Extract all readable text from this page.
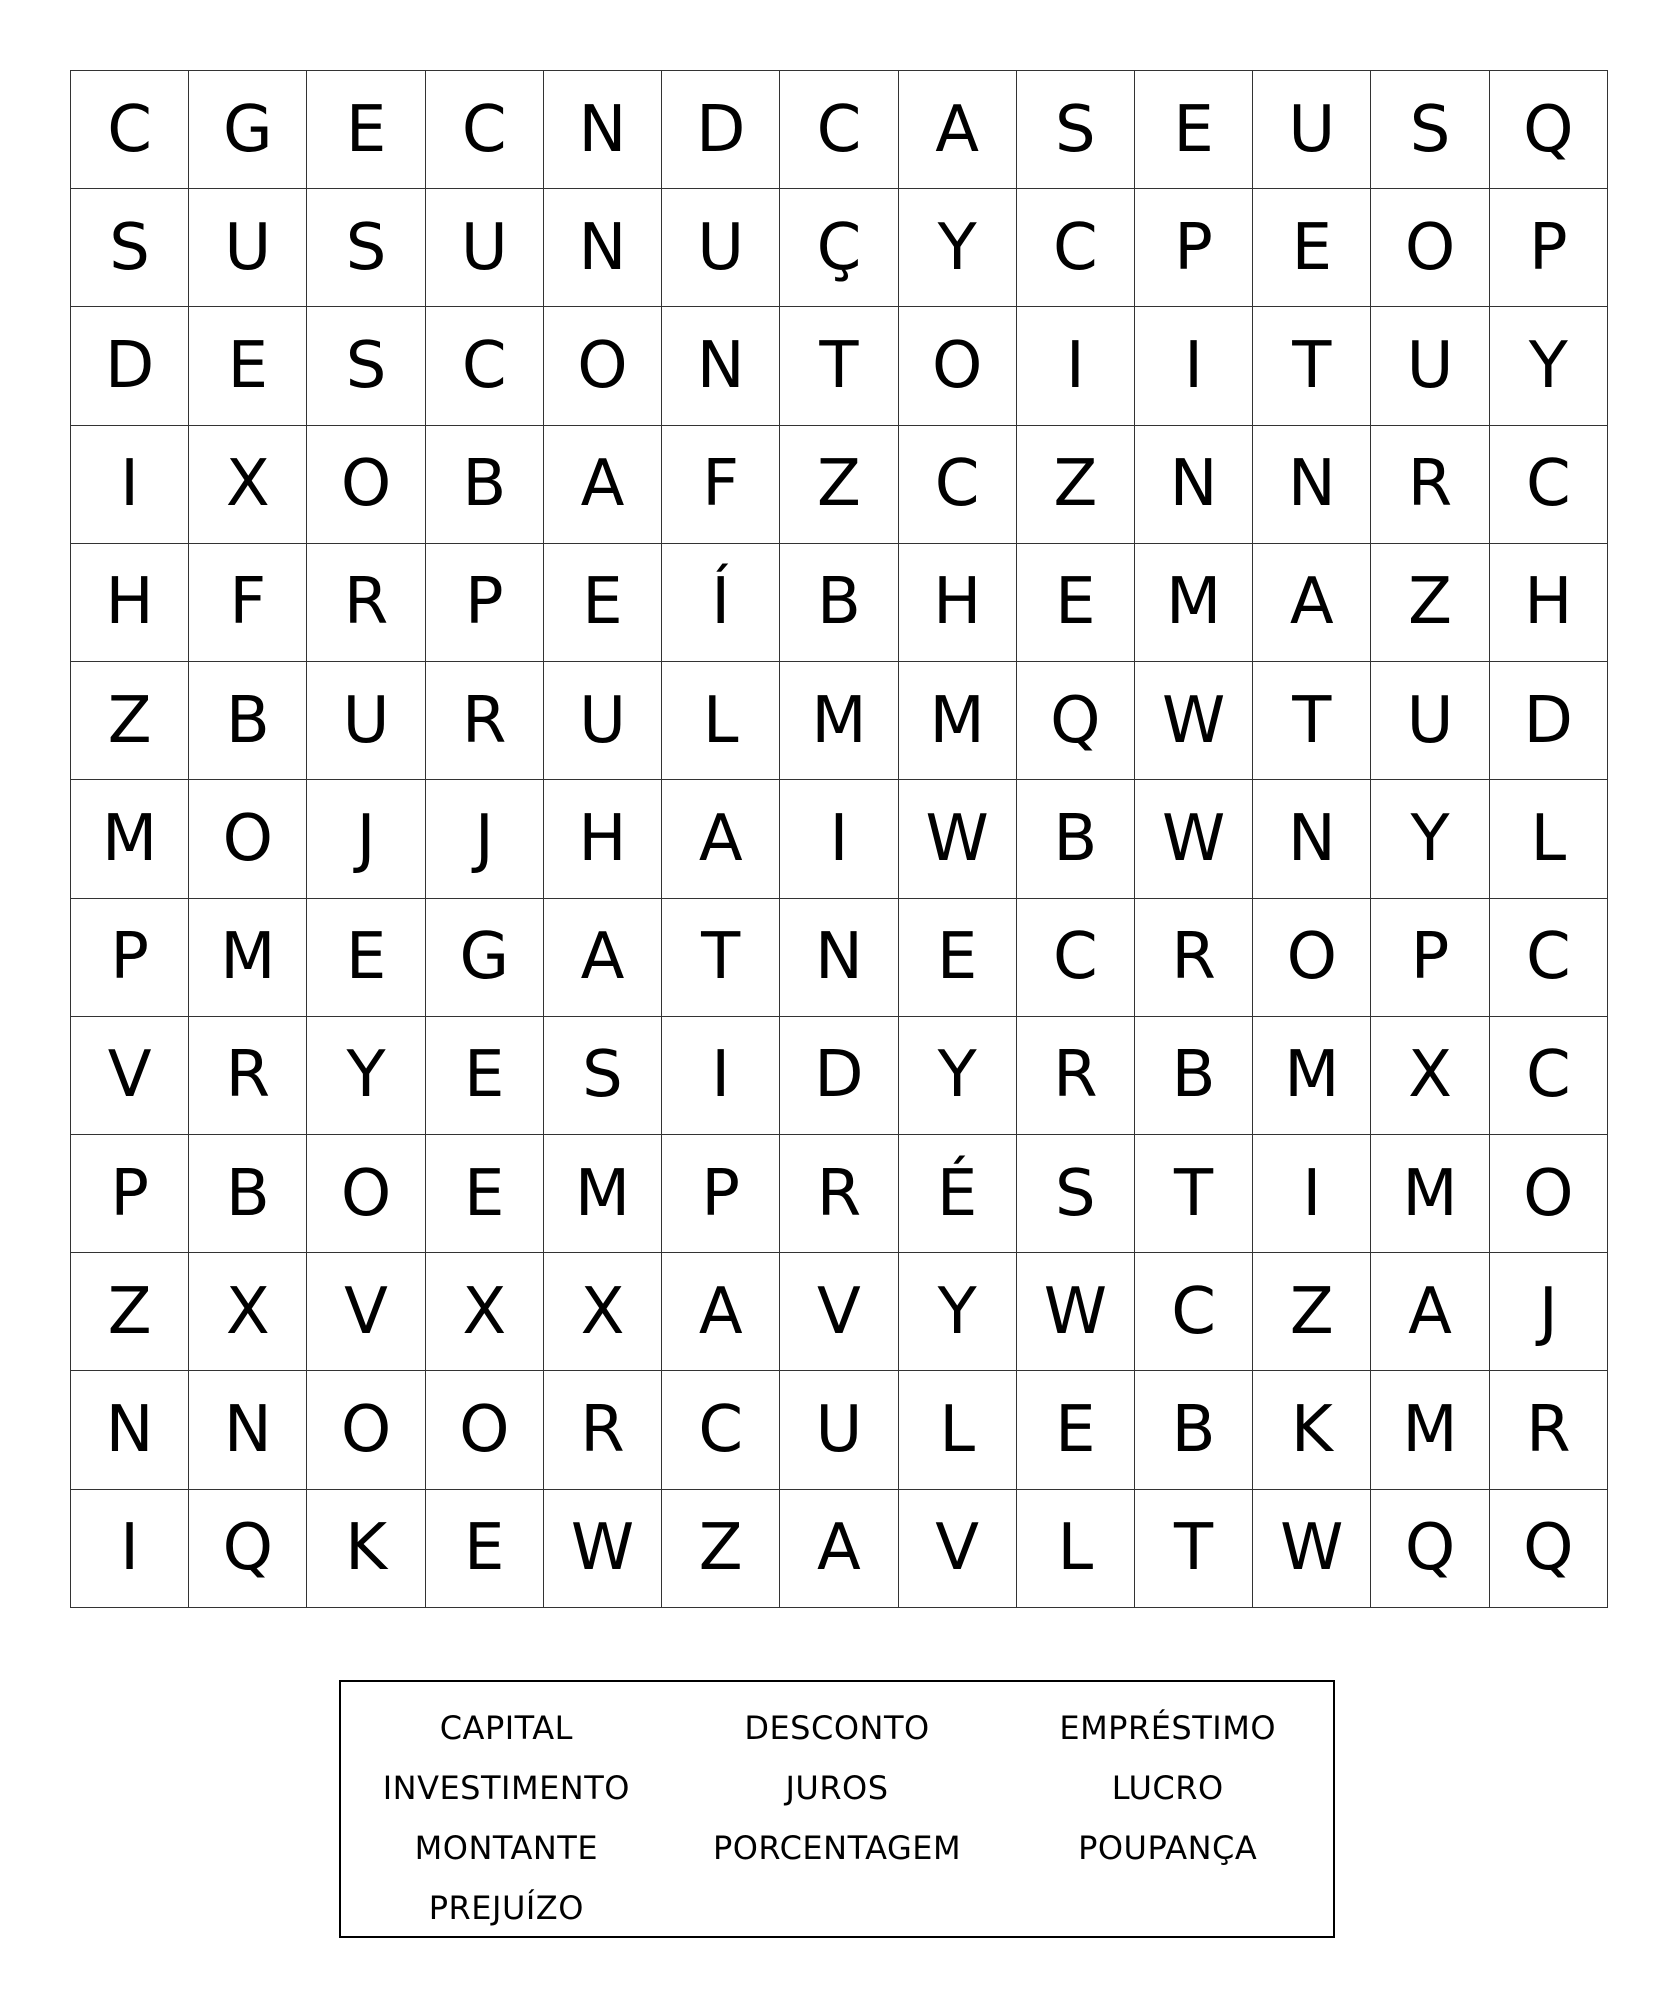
C	G	E	C	N	D	C	A	S	E	U	S	Q
S	U	S	U	N	U	Ç	Y	C	P	E	O	P
D	E	S	C	O	N	T	O	I	I	T	U	Y
I	X	O	B	A	F	Z	C	Z	N	N	R	C
H	F	R	P	E	Í	B	H	E	M	A	Z	H
Z	B	U	R	U	L	M	M	Q	W	T	U	D
M	O	J	J	H	A	I	W	B	W	N	Y	L
P	M	E	G	A	T	N	E	C	R	O	P	C
V	R	Y	E	S	I	D	Y	R	B	M	X	C
P	B	O	E	M	P	R	É	S	T	I	M	O
Z	X	V	X	X	A	V	Y	W	C	Z	A	J
N	N	O	O	R	C	U	L	E	B	K	M	R
I	Q	K	E	W	Z	A	V	L	T	W	Q	Q
CAPITAL
INVESTIMENTO
MONTANTE
PREJUÍZO
DESCONTO
JUROS
PORCENTAGEM
EMPRÉSTIMO
LUCRO
POUPANÇA
